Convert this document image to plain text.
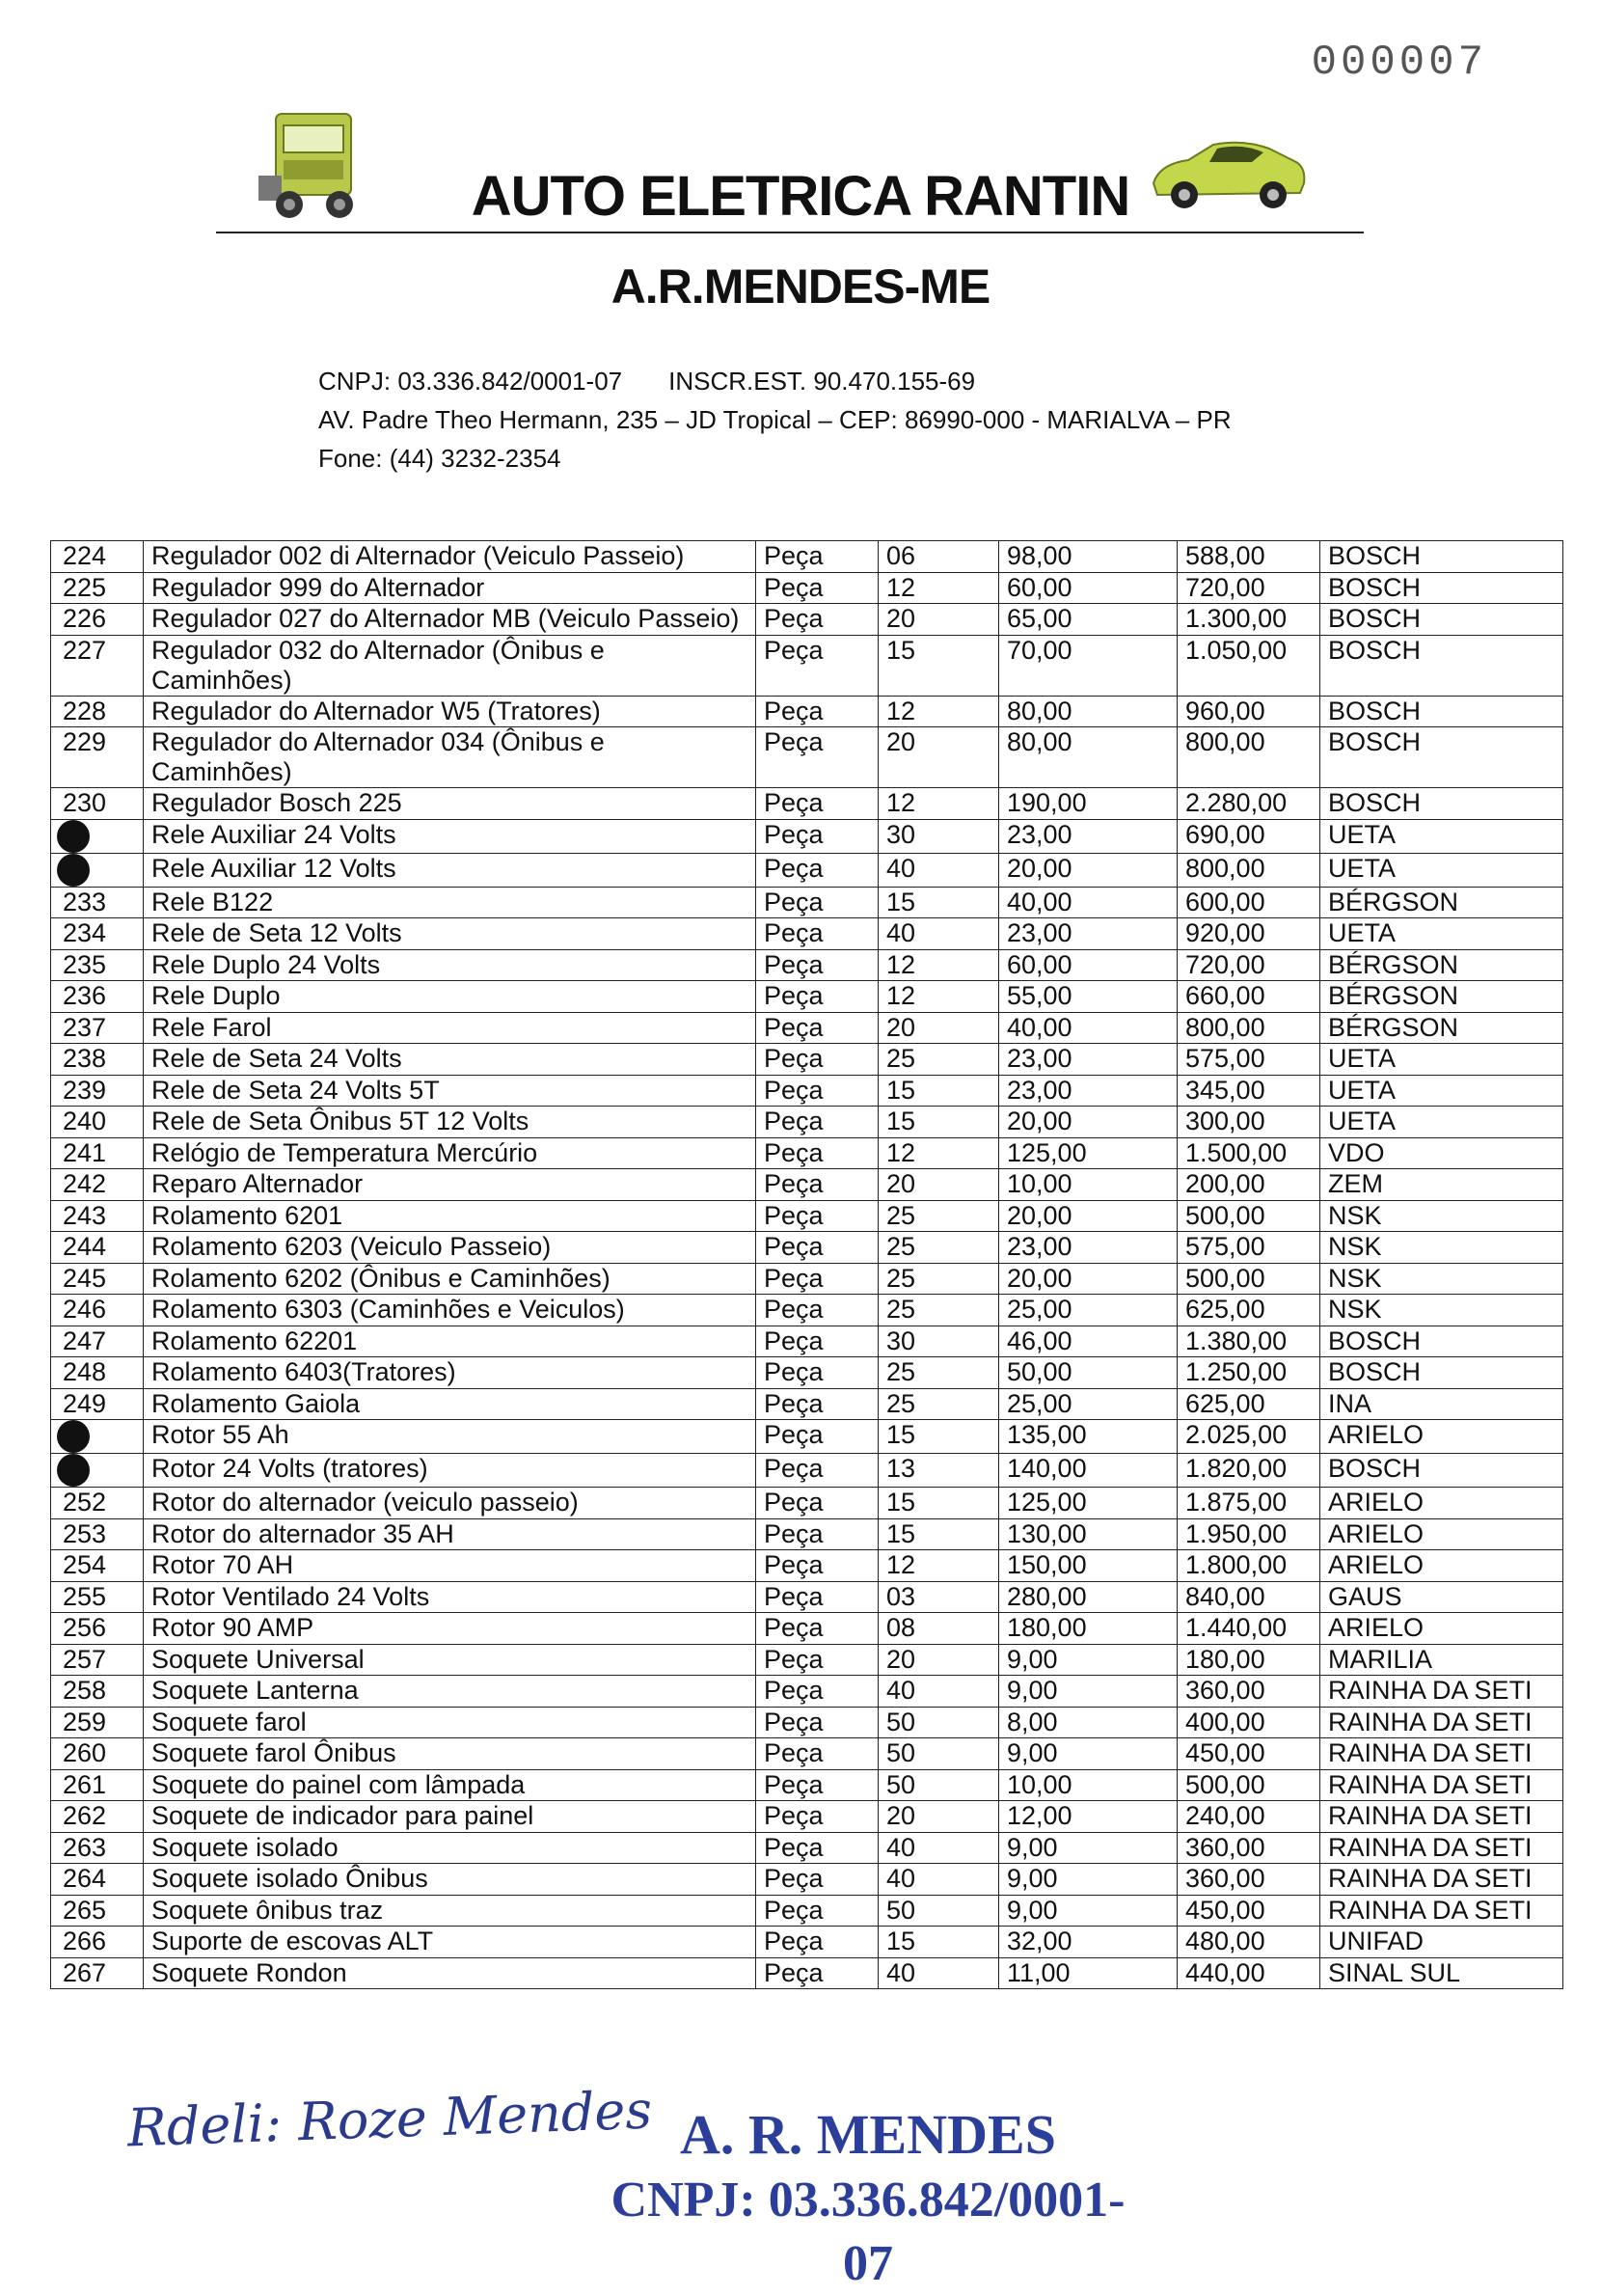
000007
AUTO ELETRICA RANTIN
A.R.MENDES-ME
CNPJ: 03.336.842/0001-07 INSCR.EST. 90.470.155-69
AV. Padre Theo Hermann, 235 – JD Tropical – CEP: 86990-000 - MARIALVA – PR
Fone: (44) 3232-2354
224	Regulador 002 di Alternador (Veiculo Passeio)	Peça	06	98,00	588,00	BOSCH
225	Regulador 999 do Alternador	Peça	12	60,00	720,00	BOSCH
226	Regulador 027 do Alternador MB (Veiculo Passeio)	Peça	20	65,00	1.300,00	BOSCH
227	Regulador 032 do Alternador (Ônibus e Caminhões)	Peça	15	70,00	1.050,00	BOSCH
228	Regulador do Alternador W5 (Tratores)	Peça	12	80,00	960,00	BOSCH
229	Regulador do Alternador 034 (Ônibus e Caminhões)	Peça	20	80,00	800,00	BOSCH
230	Regulador Bosch 225	Peça	12	190,00	2.280,00	BOSCH
	Rele Auxiliar 24 Volts	Peça	30	23,00	690,00	UETA
	Rele Auxiliar 12 Volts	Peça	40	20,00	800,00	UETA
233	Rele B122	Peça	15	40,00	600,00	BÉRGSON
234	Rele de Seta 12 Volts	Peça	40	23,00	920,00	UETA
235	Rele Duplo 24 Volts	Peça	12	60,00	720,00	BÉRGSON
236	Rele Duplo	Peça	12	55,00	660,00	BÉRGSON
237	Rele Farol	Peça	20	40,00	800,00	BÉRGSON
238	Rele de Seta 24 Volts	Peça	25	23,00	575,00	UETA
239	Rele de Seta 24 Volts 5T	Peça	15	23,00	345,00	UETA
240	Rele de Seta Ônibus 5T 12 Volts	Peça	15	20,00	300,00	UETA
241	Relógio de Temperatura Mercúrio	Peça	12	125,00	1.500,00	VDO
242	Reparo Alternador	Peça	20	10,00	200,00	ZEM
243	Rolamento 6201	Peça	25	20,00	500,00	NSK
244	Rolamento 6203 (Veiculo Passeio)	Peça	25	23,00	575,00	NSK
245	Rolamento 6202 (Ônibus e Caminhões)	Peça	25	20,00	500,00	NSK
246	Rolamento 6303 (Caminhões e Veiculos)	Peça	25	25,00	625,00	NSK
247	Rolamento 62201	Peça	30	46,00	1.380,00	BOSCH
248	Rolamento 6403(Tratores)	Peça	25	50,00	1.250,00	BOSCH
249	Rolamento Gaiola	Peça	25	25,00	625,00	INA
	Rotor 55 Ah	Peça	15	135,00	2.025,00	ARIELO
	Rotor 24 Volts (tratores)	Peça	13	140,00	1.820,00	BOSCH
252	Rotor do alternador (veiculo passeio)	Peça	15	125,00	1.875,00	ARIELO
253	Rotor do alternador 35 AH	Peça	15	130,00	1.950,00	ARIELO
254	Rotor 70 AH	Peça	12	150,00	1.800,00	ARIELO
255	Rotor Ventilado 24 Volts	Peça	03	280,00	840,00	GAUS
256	Rotor 90 AMP	Peça	08	180,00	1.440,00	ARIELO
257	Soquete Universal	Peça	20	9,00	180,00	MARILIA
258	Soquete Lanterna	Peça	40	9,00	360,00	RAINHA DA SETI
259	Soquete farol	Peça	50	8,00	400,00	RAINHA DA SETI
260	Soquete farol Ônibus	Peça	50	9,00	450,00	RAINHA DA SETI
261	Soquete do painel com lâmpada	Peça	50	10,00	500,00	RAINHA DA SETI
262	Soquete de indicador para painel	Peça	20	12,00	240,00	RAINHA DA SETI
263	Soquete isolado	Peça	40	9,00	360,00	RAINHA DA SETI
264	Soquete isolado Ônibus	Peça	40	9,00	360,00	RAINHA DA SETI
265	Soquete ônibus traz	Peça	50	9,00	450,00	RAINHA DA SETI
266	Suporte de escovas ALT	Peça	15	32,00	480,00	UNIFAD
267	Soquete Rondon	Peça	40	11,00	440,00	SINAL SUL
Rdeli: Roze Mendes A. R. MENDES
CNPJ: 03.336.842/0001-07
